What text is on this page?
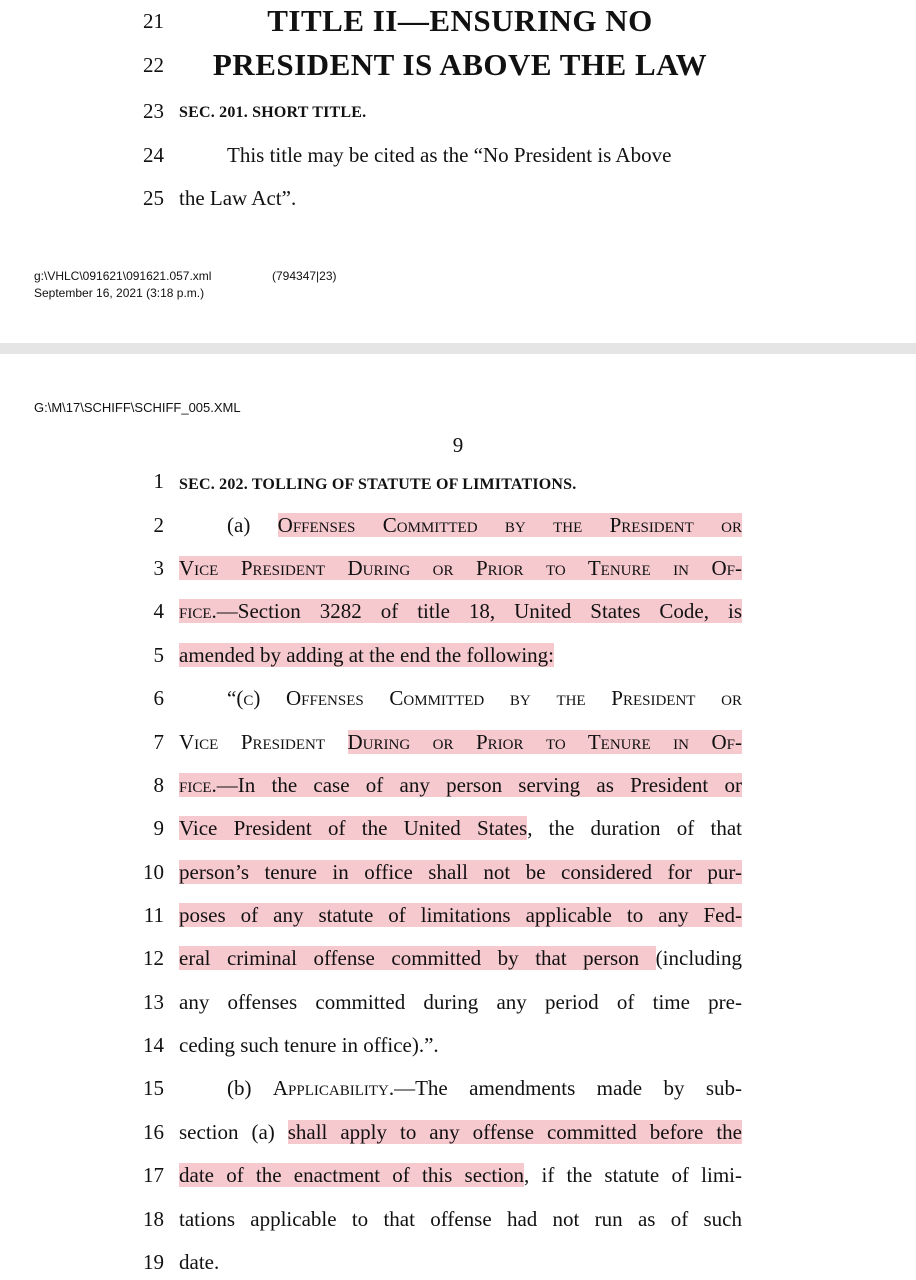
21
22
23
24
25
TITLE II—ENSURING NO
PRESIDENT IS ABOVE THE LAW
SEC. 201. SHORT TITLE.
This title may be cited as the “No President is Above
the Law Act”.
g:\VHLC\091621\091621.057.xml	(794347|23)
September 16, 2021 (3:18 p.m.)
G:\M\17\SCHIFF\SCHIFF_005.XML
9
1
2
3
4
5
6
7
8
9
10
11
12
13
14
15
16
17
18
19
SEC. 202. TOLLING OF STATUTE OF LIMITATIONS.
(a) Offenses Committed by the President or
Vice President During or Prior to Tenure in Of-
fice.—Section 3282 of title 18, United States Code, is
amended by adding at the end the following:
“(c) Offenses Committed by the President or
Vice President During or Prior to Tenure in Of-
fice.—In the case of any person serving as President or
Vice President of the United States, the duration of that
person’s tenure in office shall not be considered for pur-
poses of any statute of limitations applicable to any Fed-
eral criminal offense committed by that person (including
any offenses committed during any period of time pre-
ceding such tenure in office).”.
(b) Applicability.—The amendments made by sub-
section (a) shall apply to any offense committed before the
date of the enactment of this section, if the statute of limi-
tations applicable to that offense had not run as of such
date.
